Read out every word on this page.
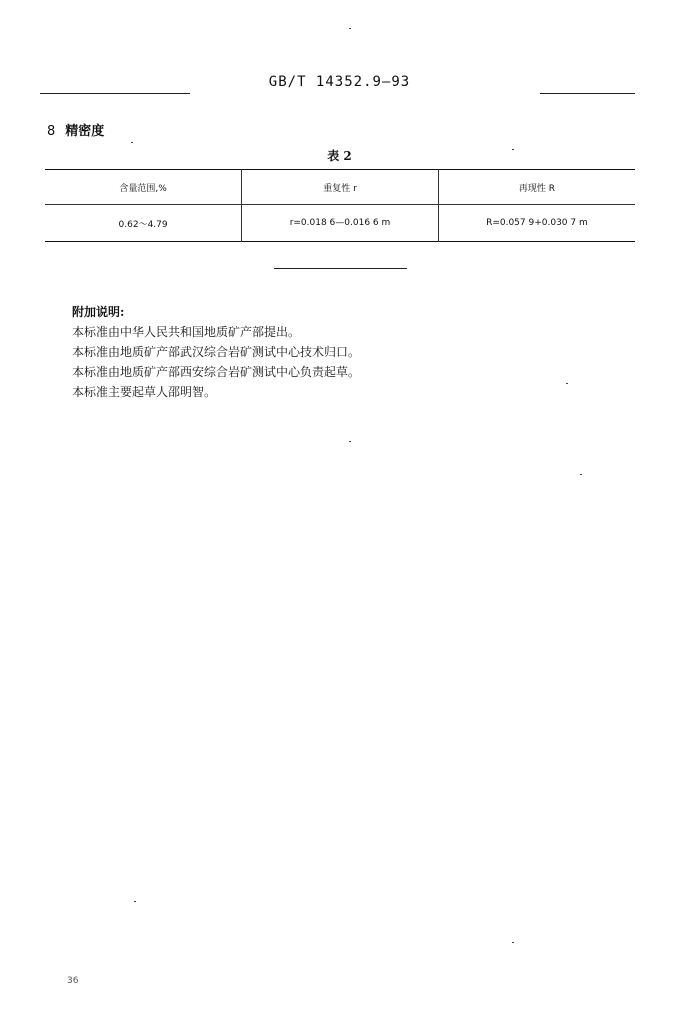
GB/T 14352.9—93
8 精密度
表 2
含量范围,%	重复性 r	再现性 R
0.62～4.79	r=0.018 6—0.016 6 m	R=0.057 9+0.030 7 m
附加说明:
本标准由中华人民共和国地质矿产部提出。
本标准由地质矿产部武汉综合岩矿测试中心技术归口。
本标准由地质矿产部西安综合岩矿测试中心负责起草。
本标准主要起草人邵明智。
36
